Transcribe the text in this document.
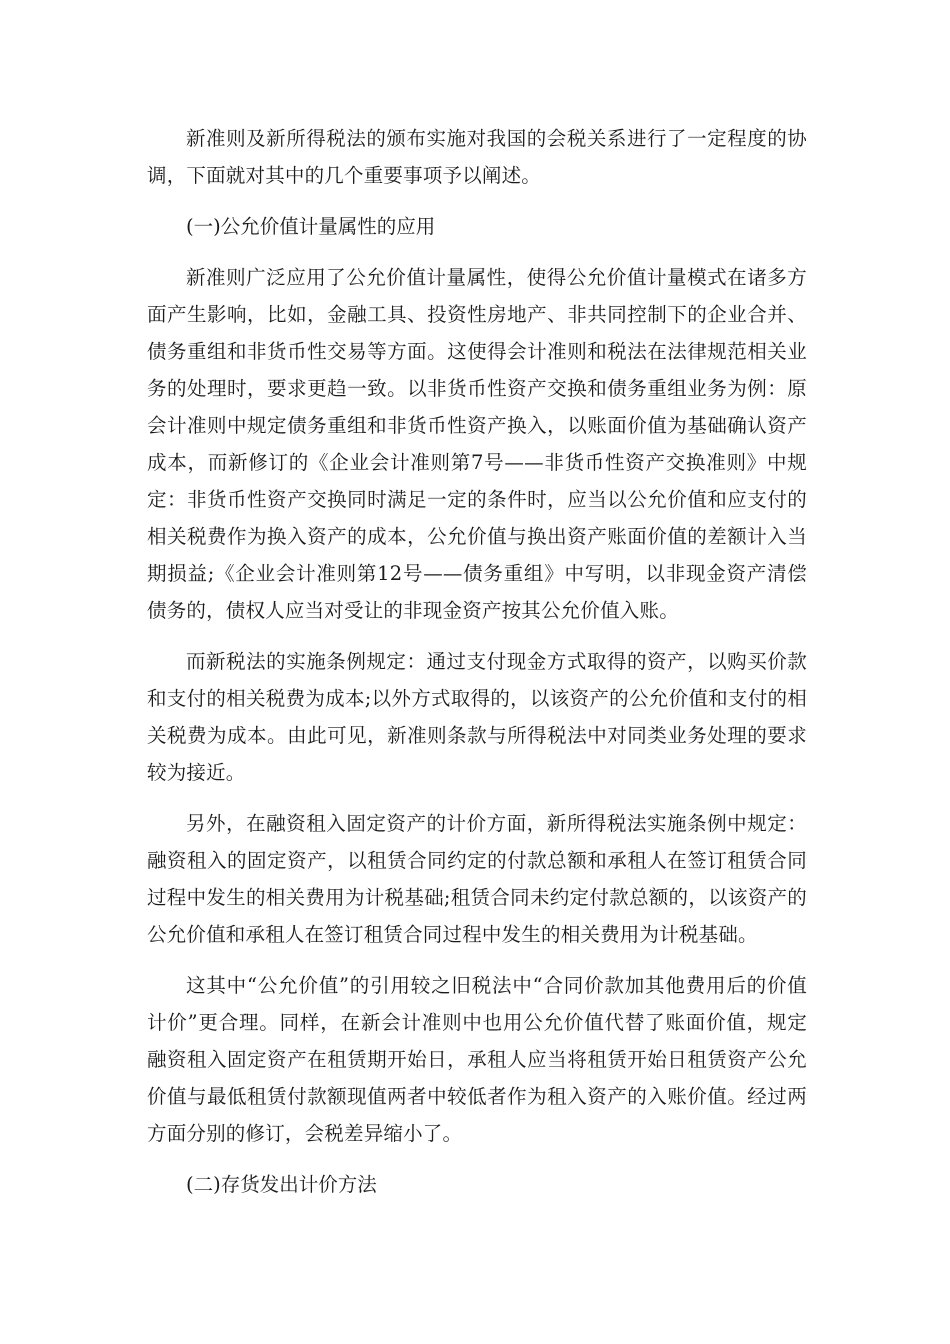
新准则及新所得税法的颁布实施对我国的会税关系进行了一定程度的协调，下面就对其中的几个重要事项予以阐述。

(一)公允价值计量属性的应用

新准则广泛应用了公允价值计量属性，使得公允价值计量模式在诸多方面产生影响，比如，金融工具、投资性房地产、非共同控制下的企业合并、债务重组和非货币性交易等方面。这使得会计准则和税法在法律规范相关业务的处理时，要求更趋一致。以非货币性资产交换和债务重组业务为例：原会计准则中规定债务重组和非货币性资产换入，以账面价值为基础确认资产成本，而新修订的《企业会计准则第7号——非货币性资产交换准则》中规定：非货币性资产交换同时满足一定的条件时，应当以公允价值和应支付的相关税费作为换入资产的成本，公允价值与换出资产账面价值的差额计入当期损益;《企业会计准则第12号——债务重组》中写明，以非现金资产清偿债务的，债权人应当对受让的非现金资产按其公允价值入账。

而新税法的实施条例规定：通过支付现金方式取得的资产，以购买价款和支付的相关税费为成本;以外方式取得的，以该资产的公允价值和支付的相关税费为成本。由此可见，新准则条款与所得税法中对同类业务处理的要求较为接近。

另外，在融资租入固定资产的计价方面，新所得税法实施条例中规定：融资租入的固定资产，以租赁合同约定的付款总额和承租人在签订租赁合同过程中发生的相关费用为计税基础;租赁合同未约定付款总额的，以该资产的公允价值和承租人在签订租赁合同过程中发生的相关费用为计税基础。

这其中“公允价值”的引用较之旧税法中“合同价款加其他费用后的价值计价”更合理。同样，在新会计准则中也用公允价值代替了账面价值，规定融资租入固定资产在租赁期开始日，承租人应当将租赁开始日租赁资产公允价值与最低租赁付款额现值两者中较低者作为租入资产的入账价值。经过两方面分别的修订，会税差异缩小了。

(二)存货发出计价方法
